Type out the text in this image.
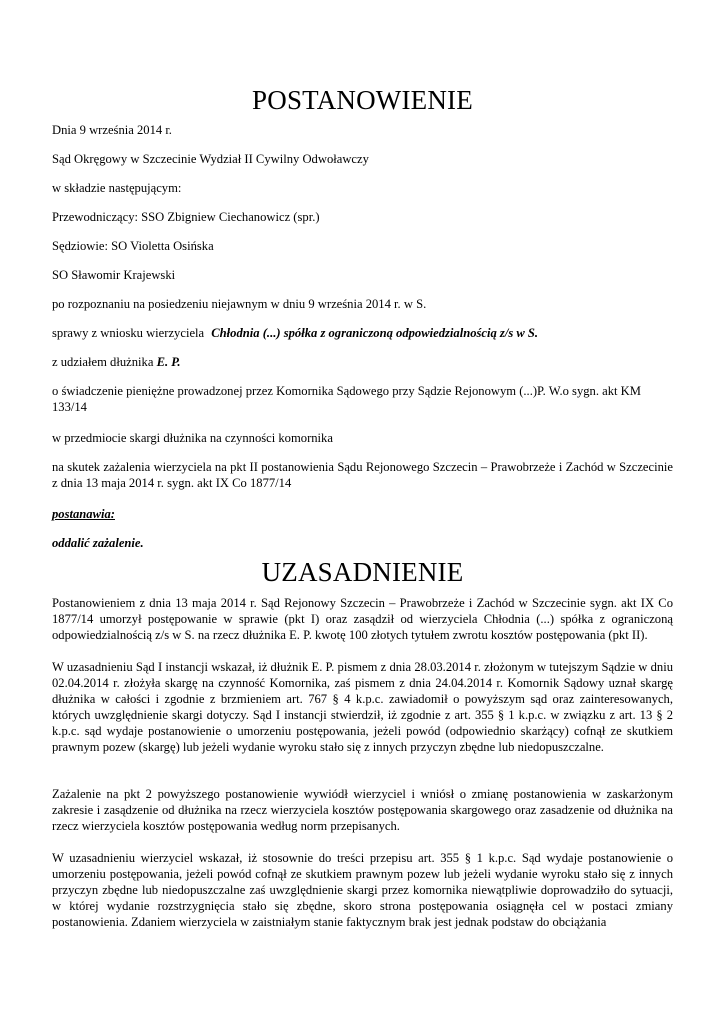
POSTANOWIENIE
Dnia 9 września 2014 r.
Sąd Okręgowy w Szczecinie Wydział II Cywilny Odwoławczy
w składzie następującym:
Przewodniczący: SSO Zbigniew Ciechanowicz (spr.)
Sędziowie: SO Violetta Osińska
SO Sławomir Krajewski
po rozpoznaniu na posiedzeniu niejawnym w dniu 9 września 2014 r. w S.
sprawy z wniosku wierzyciela Chłodnia (...) spółka z ograniczoną odpowiedzialnością z/s w S.
z udziałem dłużnika E. P.
o świadczenie pieniężne prowadzonej przez Komornika Sądowego przy Sądzie Rejonowym (...)P. W.o sygn. akt KM 133/14
w przedmiocie skargi dłużnika na czynności komornika
na skutek zażalenia wierzyciela na pkt II postanowienia Sądu Rejonowego Szczecin – Prawobrzeże i Zachód w Szczecinie z dnia 13 maja 2014 r. sygn. akt IX Co 1877/14
postanawia:
oddalić zażalenie.
UZASADNIENIE
Postanowieniem z dnia 13 maja 2014 r. Sąd Rejonowy Szczecin – Prawobrzeże i Zachód w Szczecinie sygn. akt IX Co 1877/14 umorzył postępowanie w sprawie (pkt I) oraz zasądził od wierzyciela Chłodnia (...) spółka z ograniczoną odpowiedzialnością z/s w S. na rzecz dłużnika E. P. kwotę 100 złotych tytułem zwrotu kosztów postępowania (pkt II).
W uzasadnieniu Sąd I instancji wskazał, iż dłużnik E. P. pismem z dnia 28.03.2014 r. złożonym w tutejszym Sądzie w dniu 02.04.2014 r. złożyła skargę na czynność Komornika, zaś pismem z dnia 24.04.2014 r. Komornik Sądowy uznał skargę dłużnika w całości i zgodnie z brzmieniem art. 767 § 4 k.p.c. zawiadomił o powyższym sąd oraz zainteresowanych, których uwzględnienie skargi dotyczy. Sąd I instancji stwierdził, iż zgodnie z art. 355 § 1 k.p.c. w związku z art. 13 § 2 k.p.c. sąd wydaje postanowienie o umorzeniu postępowania, jeżeli powód (odpowiednio skarżący) cofnął ze skutkiem prawnym pozew (skargę) lub jeżeli wydanie wyroku stało się z innych przyczyn zbędne lub niedopuszczalne.
Zażalenie na pkt 2 powyższego postanowienie wywiódł wierzyciel i wniósł o zmianę postanowienia w zaskarżonym zakresie i zasądzenie od dłużnika na rzecz wierzyciela kosztów postępowania skargowego oraz zasadzenie od dłużnika na rzecz wierzyciela kosztów postępowania według norm przepisanych.
W uzasadnieniu wierzyciel wskazał, iż stosownie do treści przepisu art. 355 § 1 k.p.c. Sąd wydaje postanowienie o umorzeniu postępowania, jeżeli powód cofnął ze skutkiem prawnym pozew lub jeżeli wydanie wyroku stało się z innych przyczyn zbędne lub niedopuszczalne zaś uwzględnienie skargi przez komornika niewątpliwie doprowadziło do sytuacji, w której wydanie rozstrzygnięcia stało się zbędne, skoro strona postępowania osiągnęła cel w postaci zmiany postanowienia. Zdaniem wierzyciela w zaistniałym stanie faktycznym brak jest jednak podstaw do obciążania
